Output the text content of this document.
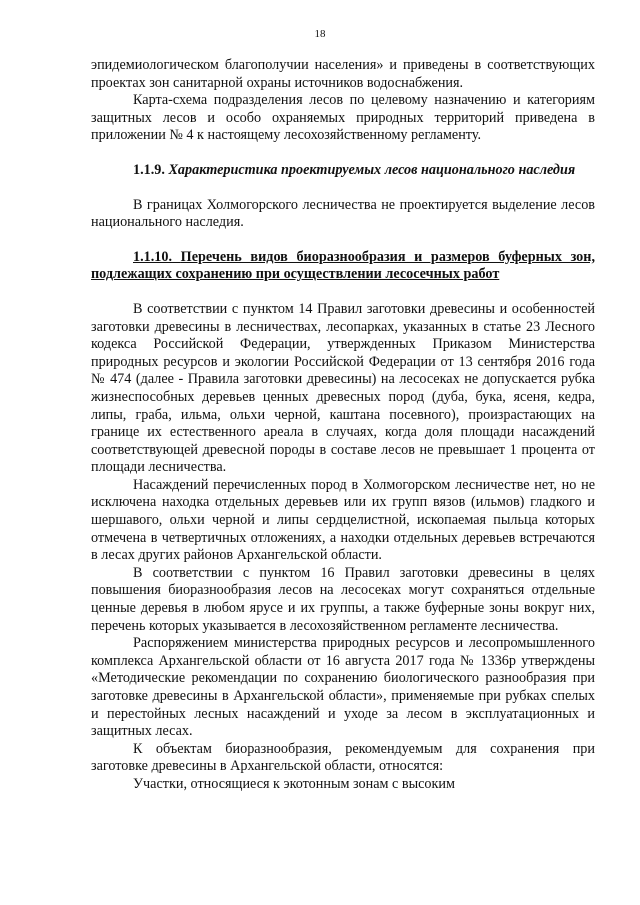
18

эпидемиологическом благополучии населения» и приведены в соответствующих проектах зон санитарной охраны источников водоснабжения.

Карта-схема подразделения лесов по целевому назначению и категориям защитных лесов и особо охраняемых природных территорий приведена в приложении № 4 к настоящему лесохозяйственному регламенту.

1.1.9. Характеристика проектируемых лесов национального наследия

В границах Холмогорского лесничества не проектируется выделение лесов национального наследия.

1.1.10. Перечень видов биоразнообразия и размеров буферных зон, подлежащих сохранению при осуществлении лесосечных работ

В соответствии с пунктом 14 Правил заготовки древесины и особенностей заготовки древесины в лесничествах, лесопарках, указанных в статье 23 Лесного кодекса Российской Федерации, утвержденных Приказом Министерства природных ресурсов и экологии Российской Федерации от 13 сентября 2016 года № 474 (далее - Правила заготовки древесины) на лесосеках не допускается рубка жизнеспособных деревьев ценных древесных пород (дуба, бука, ясеня, кедра, липы, граба, ильма, ольхи черной, каштана посевного), произрастающих на границе их естественного ареала в случаях, когда доля площади насаждений соответствующей древесной породы в составе лесов не превышает 1 процента от площади лесничества.

Насаждений перечисленных пород в Холмогорском лесничестве нет, но не исключена находка отдельных деревьев или их групп вязов (ильмов) гладкого и шершавого, ольхи черной и липы сердцелистной, ископаемая пыльца которых отмечена в четвертичных отложениях, а находки отдельных деревьев встречаются в лесах других районов Архангельской области.

В соответствии с пунктом 16 Правил заготовки древесины в целях повышения биоразнообразия лесов на лесосеках могут сохраняться отдельные ценные деревья в любом ярусе и их группы, а также буферные зоны вокруг них, перечень которых указывается в лесохозяйственном регламенте лесничества.

Распоряжением министерства природных ресурсов и лесопромышленного комплекса Архангельской области от 16 августа 2017 года № 1336р утверждены «Методические рекомендации по сохранению биологического разнообразия при заготовке древесины в Архангельской области», применяемые при рубках спелых и перестойных лесных насаждений и уходе за лесом в эксплуатационных и защитных лесах.

К объектам биоразнообразия, рекомендуемым для сохранения при заготовке древесины в Архангельской области, относятся:

Участки, относящиеся к экотонным зонам с высоким
